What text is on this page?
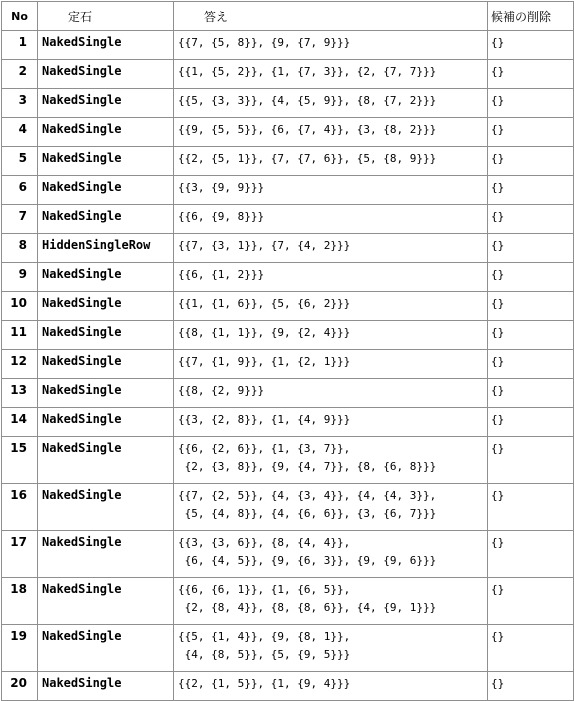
No	定石	答え	候補の削除
1	NakedSingle	{{7, {5, 8}}, {9, {7, 9}}}	{}
2	NakedSingle	{{1, {5, 2}}, {1, {7, 3}}, {2, {7, 7}}}	{}
3	NakedSingle	{{5, {3, 3}}, {4, {5, 9}}, {8, {7, 2}}}	{}
4	NakedSingle	{{9, {5, 5}}, {6, {7, 4}}, {3, {8, 2}}}	{}
5	NakedSingle	{{2, {5, 1}}, {7, {7, 6}}, {5, {8, 9}}}	{}
6	NakedSingle	{{3, {9, 9}}}	{}
7	NakedSingle	{{6, {9, 8}}}	{}
8	HiddenSingleRow	{{7, {3, 1}}, {7, {4, 2}}}	{}
9	NakedSingle	{{6, {1, 2}}}	{}
10	NakedSingle	{{1, {1, 6}}, {5, {6, 2}}}	{}
11	NakedSingle	{{8, {1, 1}}, {9, {2, 4}}}	{}
12	NakedSingle	{{7, {1, 9}}, {1, {2, 1}}}	{}
13	NakedSingle	{{8, {2, 9}}}	{}
14	NakedSingle	{{3, {2, 8}}, {1, {4, 9}}}	{}
15	NakedSingle	{{6, {2, 6}}, {1, {3, 7}},
{2, {3, 8}}, {9, {4, 7}}, {8, {6, 8}}}	{}
16	NakedSingle	{{7, {2, 5}}, {4, {3, 4}}, {4, {4, 3}},
{5, {4, 8}}, {4, {6, 6}}, {3, {6, 7}}}	{}
17	NakedSingle	{{3, {3, 6}}, {8, {4, 4}},
{6, {4, 5}}, {9, {6, 3}}, {9, {9, 6}}}	{}
18	NakedSingle	{{6, {6, 1}}, {1, {6, 5}},
{2, {8, 4}}, {8, {8, 6}}, {4, {9, 1}}}	{}
19	NakedSingle	{{5, {1, 4}}, {9, {8, 1}},
{4, {8, 5}}, {5, {9, 5}}}	{}
20	NakedSingle	{{2, {1, 5}}, {1, {9, 4}}}	{}
